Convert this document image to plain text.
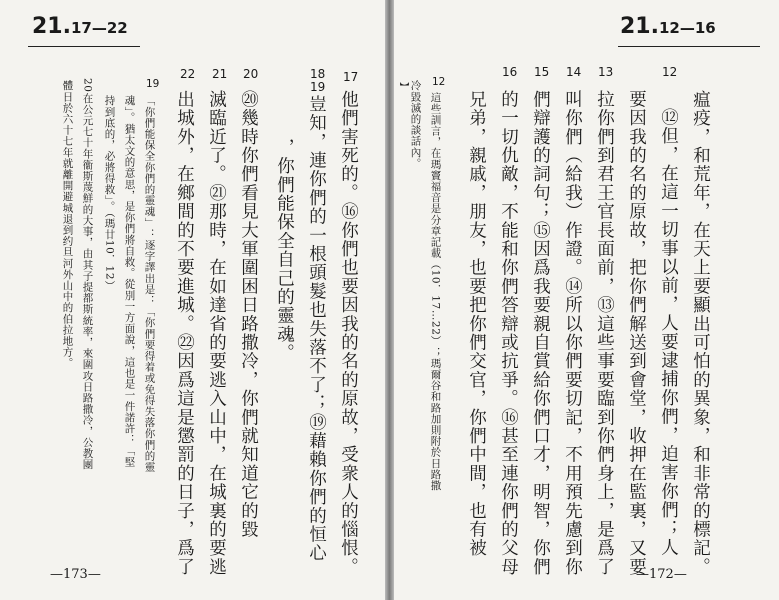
21.17—22
17
18
19
20
21
22
19
他們害死的。⑯你們也要因我的名的原故，受衆人的惱恨。
豈知，連你們的一根頭髮也失落不了；⑲藉賴你們的恒心
，你們能保全自己的靈魂。
⑳幾時你們看見大軍圍困日路撒冷，你們就知道它的毀
滅臨近了。㉑那時，在如達省的要逃入山中，在城裏的要逃
出城外，在鄉間的不要進城。㉒因爲這是懲罰的日子，爲了
「你們能保全你們的靈魂」：逐字譯出是：「你們要得着或免得失落你們的靈
魂」。猶太文的意思，是你們將自救。從別一方面說，這也是一件諾許：「堅
持到底的，必將得救」。（瑪廿10．12）
20在公元七十年衞斯蔑鮮的大事，由其子提都斯統率，來圍攻日路撒冷，公教團
體日於六十七年就離開避城退到约旦河外山中的伯拉地方。
—173—
21.12—16
12
13
14
15
16
12
瘟疫，和荒年，在天上要顯出可怕的異象，和非常的標記。
⑫但，在這一切事以前，人要逮捕你們，迫害你們；人
要因我的名的原故，把你們解送到會堂，收押在監裏，又要
拉你們到君王官長面前，⑬這些事要臨到你們身上，是爲了
叫你們（給我）作證。⑭所以你們要切記，不用預先慮到你
們辯護的詞句；⑮因爲我要親自賞給你們口才，明智，你們
的一切仇敵，不能和你們答辯或抗爭。⑯甚至連你們的父母
兄弟，親戚，朋友，也要把你們交官，你們中間，也有被
這些訓言，在瑪竇福音是分章記載（10．17…22）；瑪爾谷和路加則附於日路撒
冷毀滅的談話內。
】
—172—
